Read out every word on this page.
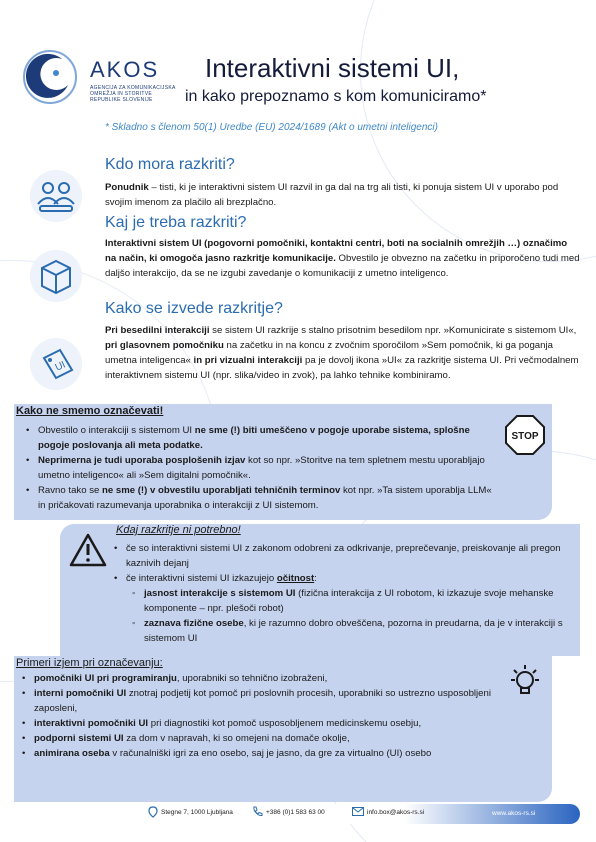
AKOS
AGENCIJA ZA KOMUNIKACIJSKA OMREŽJA IN STORITVE REPUBLIKE SLOVENIJE
Interaktivni sistemi UI,
in kako prepoznamo s kom komuniciramo*
* Skladno s členom 50(1) Uredbe (EU) 2024/1689 (Akt o umetni inteligenci)
UI
Kdo mora razkriti?
Ponudnik – tisti, ki je interaktivni sistem UI razvil in ga dal na trg ali tisti, ki ponuja sistem UI v uporabo pod svojim imenom za plačilo ali brezplačno.
Kaj je treba razkriti?
Interaktivni sistem UI (pogovorni pomočniki, kontaktni centri, boti na socialnih omrežjih …) označimo na način, ki omogoča jasno razkritje komunikacije. Obvestilo je obvezno na začetku in priporočeno tudi med daljšo interakcijo, da se ne izgubi zavedanje o komunikaciji z umetno inteligenco.
Kako se izvede razkritje?
Pri besedilni interakciji se sistem UI razkrije s stalno prisotnim besedilom npr. »Komunicirate s sistemom UI«, pri glasovnem pomočniku na začetku in na koncu z zvočnim sporočilom »Sem pomočnik, ki ga poganja umetna inteligenca« in pri vizualni interakciji pa je dovolj ikona »UI« za razkritje sistema UI. Pri večmodalnem interaktivnem sistemu UI (npr. slika/video in zvok), pa lahko tehnike kombiniramo.
Kako ne smemo označevati!
• Obvestilo o interakciji s sistemom UI ne sme (!) biti umeščeno v pogoje uporabe sistema, splošne pogoje poslovanja ali meta podatke.
• Neprimerna je tudi uporaba posplošenih izjav kot so npr. »Storitve na tem spletnem mestu uporabljajo umetno inteligenco« ali »Sem digitalni pomočnik«.
• Ravno tako se ne sme (!) v obvestilu uporabljati tehničnih terminov kot npr. »Ta sistem uporablja LLM« in pričakovati razumevanja uporabnika o interakciji z UI sistemom.
STOP
Kdaj razkritje ni potrebno!
• če so interaktivni sistemi UI z zakonom odobreni za odkrivanje, preprečevanje, preiskovanje ali pregon kaznivih dejanj
• če interaktivni sistemi UI izkazujejo očitnost:
◦ jasnost interakcije s sistemom UI (fizična interakcija z UI robotom, ki izkazuje svoje mehanske komponente – npr. plešoči robot)
◦ zaznava fizične osebe, ki je razumno dobro obveščena, pozorna in preudarna, da je v interakciji s sistemom UI
Primeri izjem pri označevanju:
• pomočniki UI pri programiranju, uporabniki so tehnično izobraženi,
• interni pomočniki UI znotraj podjetij kot pomoč pri poslovnih procesih, uporabniki so ustrezno usposobljeni zaposleni,
• interaktivni pomočniki UI pri diagnostiki kot pomoč usposobljenem medicinskemu osebju,
• podporni sistemi UI za dom v napravah, ki so omejeni na domače okolje,
• animirana oseba v računalniški igri za eno osebo, saj je jasno, da gre za virtualno (UI) osebo
Stegne 7, 1000 Ljubljana	+386 (0)1 583 63 00	info.box@akos-rs.si	www.akos-rs.si
